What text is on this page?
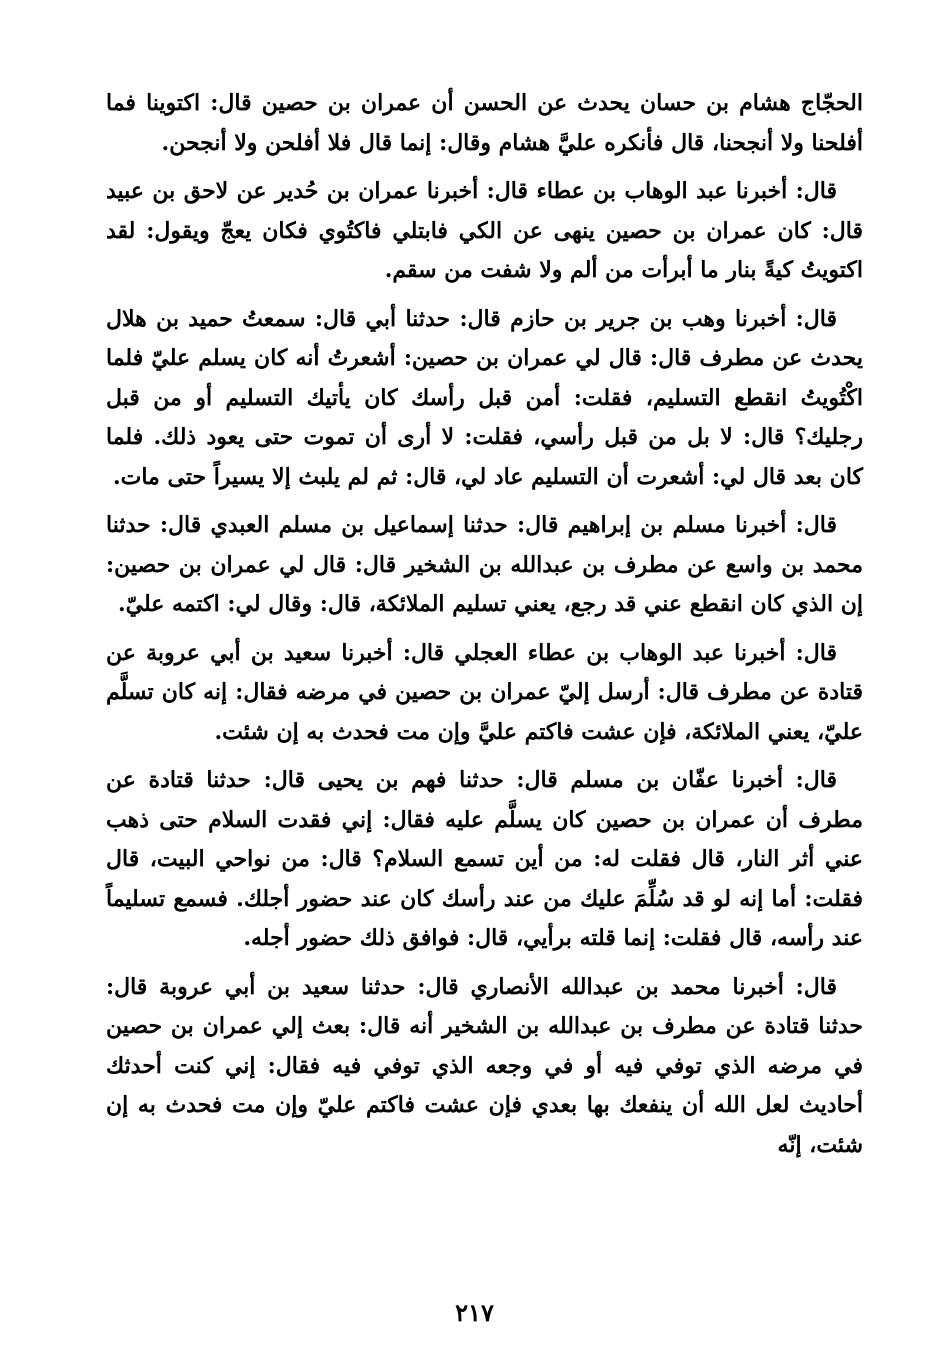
الحجّاج هشام بن حسان يحدث عن الحسن أن عمران بن حصين قال: اكتوينا فما أفلحنا ولا أنجحنا، قال فأنكره عليَّ هشام وقال: إنما قال فلا أفلحن ولا أنجحن.

قال: أخبرنا عبد الوهاب بن عطاء قال: أخبرنا عمران بن حُدير عن لاحق بن عبيد قال: كان عمران بن حصين ينهى عن الكي فابتلي فاكتُوي فكان يعجّ ويقول: لقد اكتويتُ كيةً بنار ما أبرأت من ألم ولا شفت من سقم.

قال: أخبرنا وهب بن جرير بن حازم قال: حدثنا أبي قال: سمعتُ حميد بن هلال يحدث عن مطرف قال: قال لي عمران بن حصين: أشعرتُ أنه كان يسلم عليّ فلما اكْتُويتُ انقطع التسليم، فقلت: أمن قبل رأسك كان يأتيك التسليم أو من قبل رجليك؟ قال: لا بل من قبل رأسي، فقلت: لا أرى أن تموت حتى يعود ذلك. فلما كان بعد قال لي: أشعرت أن التسليم عاد لي، قال: ثم لم يلبث إلا يسيراً حتى مات.

قال: أخبرنا مسلم بن إبراهيم قال: حدثنا إسماعيل بن مسلم العبدي قال: حدثنا محمد بن واسع عن مطرف بن عبدالله بن الشخير قال: قال لي عمران بن حصين: إن الذي كان انقطع عني قد رجع، يعني تسليم الملائكة، قال: وقال لي: اكتمه عليّ.

قال: أخبرنا عبد الوهاب بن عطاء العجلي قال: أخبرنا سعيد بن أبي عروبة عن قتادة عن مطرف قال: أرسل إليّ عمران بن حصين في مرضه فقال: إنه كان تسلَّم عليّ، يعني الملائكة، فإن عشت فاكتم عليَّ وإن مت فحدث به إن شئت.

قال: أخبرنا عفّان بن مسلم قال: حدثنا فهم بن يحيى قال: حدثنا قتادة عن مطرف أن عمران بن حصين كان يسلَّم عليه فقال: إني فقدت السلام حتى ذهب عني أثر النار، قال فقلت له: من أين تسمع السلام؟ قال: من نواحي البيت، قال فقلت: أما إنه لو قد سُلِّمَ عليك من عند رأسك كان عند حضور أجلك. فسمع تسليماً عند رأسه، قال فقلت: إنما قلته برأيي، قال: فوافق ذلك حضور أجله.

قال: أخبرنا محمد بن عبدالله الأنصاري قال: حدثنا سعيد بن أبي عروبة قال: حدثنا قتادة عن مطرف بن عبدالله بن الشخير أنه قال: بعث إلي عمران بن حصين في مرضه الذي توفي فيه أو في وجعه الذي توفي فيه فقال: إني كنت أحدثك أحاديث لعل الله أن ينفعك بها بعدي فإن عشت فاكتم عليّ وإن مت فحدث به إن شئت، إنّه

٢١٧
